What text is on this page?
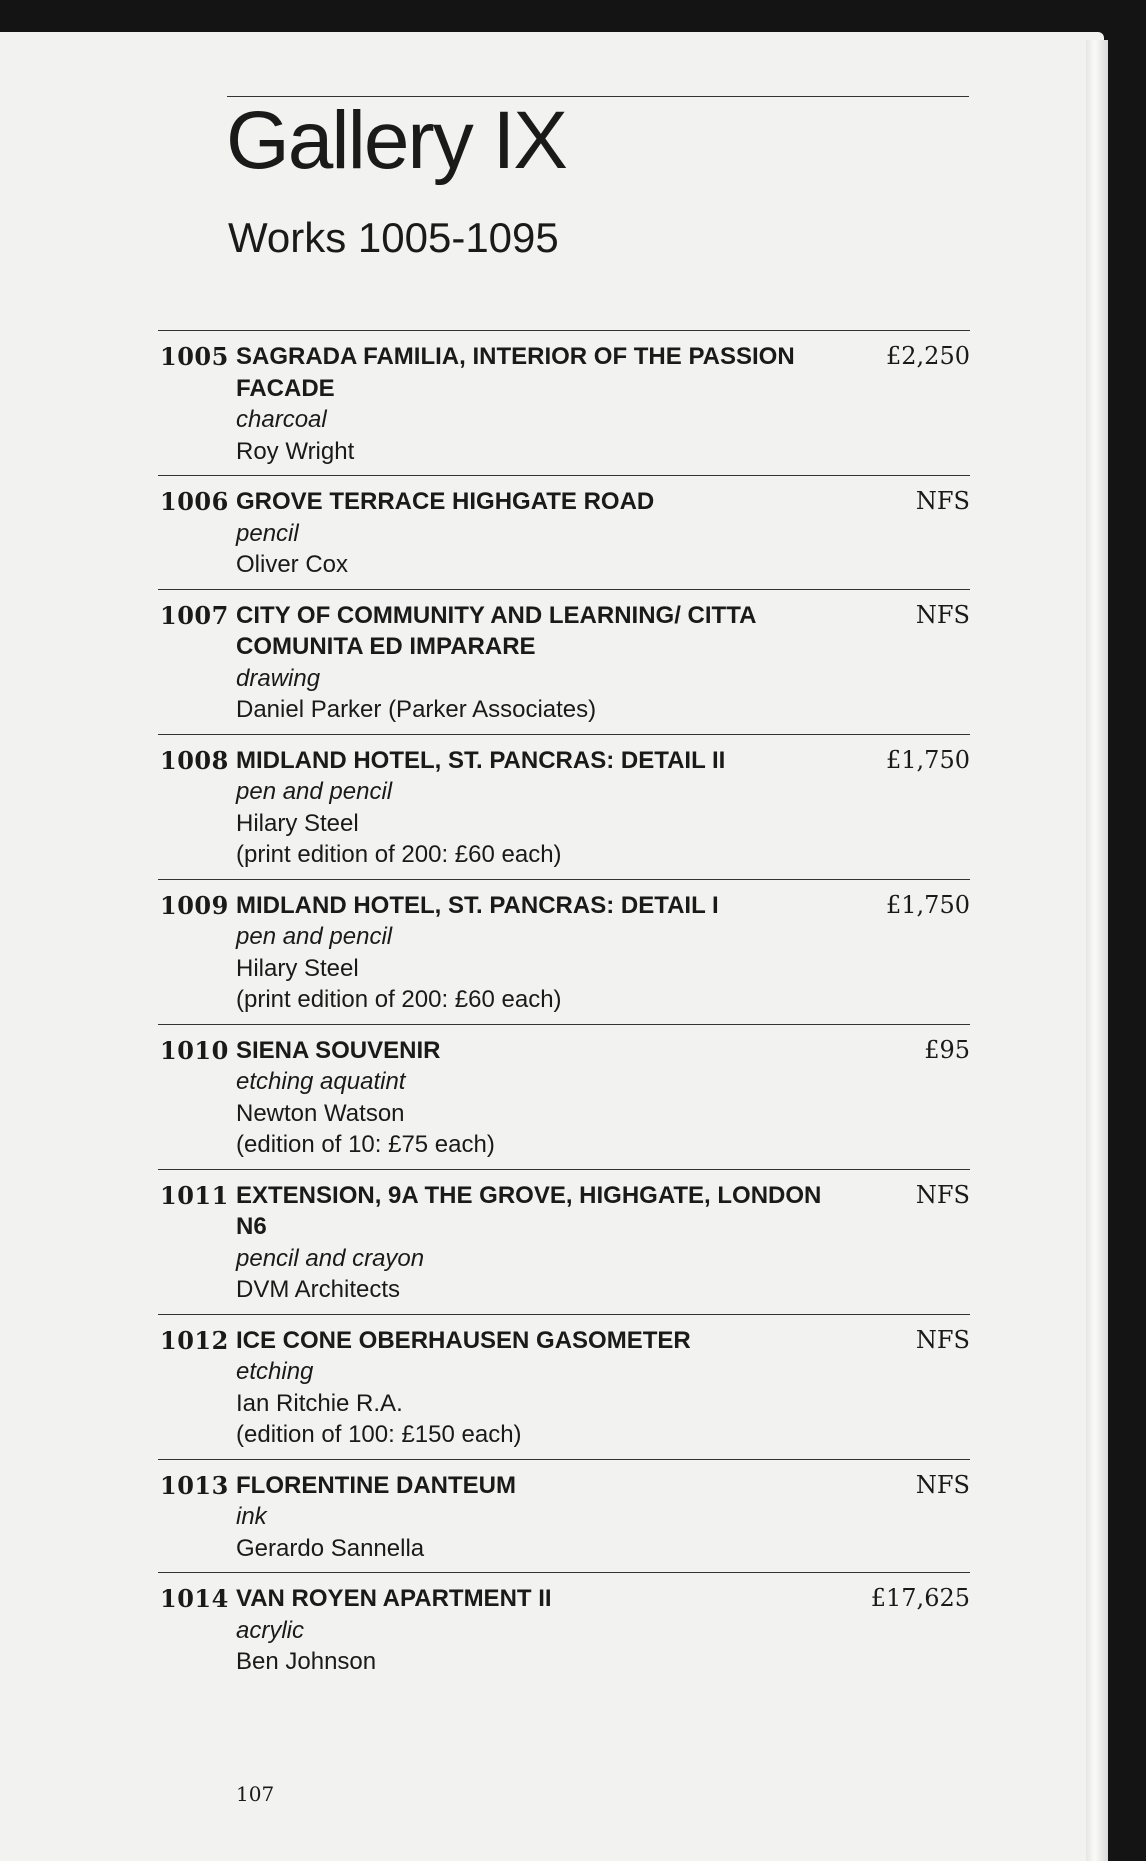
Gallery IX
Works 1005-1095
1005 SAGRADA FAMILIA, INTERIOR OF THE PASSION FACADE
charcoal
Roy Wright
£2,250
1006 GROVE TERRACE HIGHGATE ROAD
pencil
Oliver Cox
NFS
1007 CITY OF COMMUNITY AND LEARNING/ CITTA COMUNITA ED IMPARARE
drawing
Daniel Parker (Parker Associates)
NFS
1008 MIDLAND HOTEL, ST. PANCRAS: DETAIL II
pen and pencil
Hilary Steel
(print edition of 200: £60 each)
£1,750
1009 MIDLAND HOTEL, ST. PANCRAS: DETAIL I
pen and pencil
Hilary Steel
(print edition of 200: £60 each)
£1,750
1010 SIENA SOUVENIR
etching aquatint
Newton Watson
(edition of 10: £75 each)
£95
1011 EXTENSION, 9A THE GROVE, HIGHGATE, LONDON N6
pencil and crayon
DVM Architects
NFS
1012 ICE CONE OBERHAUSEN GASOMETER
etching
Ian Ritchie R.A.
(edition of 100: £150 each)
NFS
1013 FLORENTINE DANTEUM
ink
Gerardo Sannella
NFS
1014 VAN ROYEN APARTMENT II
acrylic
Ben Johnson
£17,625
107
